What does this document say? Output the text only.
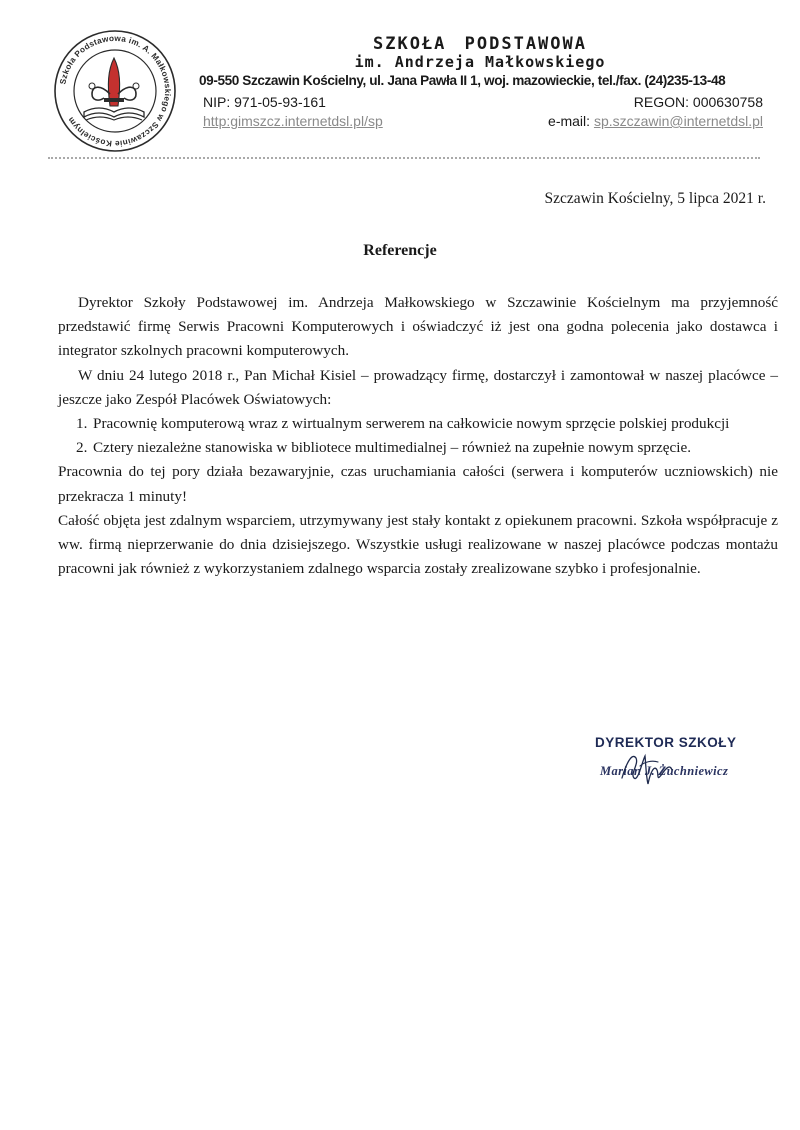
Szkoła Podstawowa im. A. Małkowskiego w Szczawinie Kościelnym
SZKOŁA PODSTAWOWA
im. Andrzeja Małkowskiego
09-550 Szczawin Kościelny, ul. Jana Pawła II 1, woj. mazowieckie, tel./fax. (24)235-13-48
NIP: 971-05-93-161	REGON: 000630758
http:gimszcz.internetdsl.pl/sp	e-mail: sp.szczawin@internetdsl.pl
Szczawin Kościelny, 5 lipca 2021 r.
Referencje

Dyrektor Szkoły Podstawowej im. Andrzeja Małkowskiego w Szczawinie Kościelnym ma przyjemność przedstawić firmę Serwis Pracowni Komputerowych i oświadczyć iż jest ona godna polecenia jako dostawca i integrator szkolnych pracowni komputerowych.

W dniu 24 lutego 2018 r., Pan Michał Kisiel – prowadzący firmę, dostarczył i zamontował w naszej placówce – jeszcze jako Zespół Placówek Oświatowych:

1. Pracownię komputerową wraz z wirtualnym serwerem na całkowicie nowym sprzęcie polskiej produkcji
2. Cztery niezależne stanowiska w bibliotece multimedialnej – również na zupełnie nowym sprzęcie.

Pracownia do tej pory działa bezawaryjnie, czas uruchamiania całości (serwera i komputerów uczniowskich) nie przekracza 1 minuty!

Całość objęta jest zdalnym wsparciem, utrzymywany jest stały kontakt z opiekunem pracowni. Szkoła współpracuje z ww. firmą nieprzerwanie do dnia dzisiejszego. Wszystkie usługi realizowane w naszej placówce podczas montażu pracowni jak również z wykorzystaniem zdalnego wsparcia zostały zrealizowane szybko i profesjonalnie.

DYREKTOR SZKOŁY
Marian J. Żuchniewicz
